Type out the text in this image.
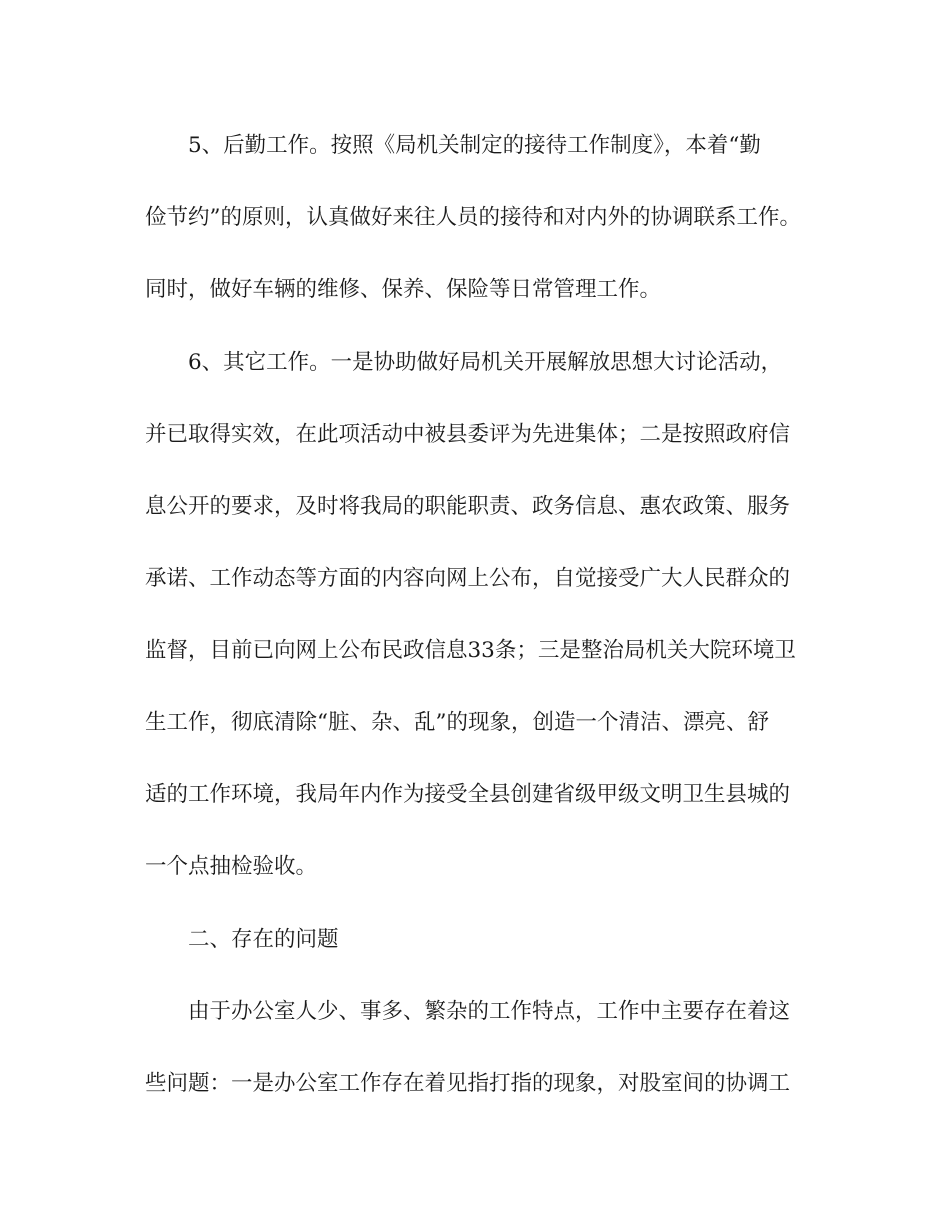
5、后勤工作。按照《局机关制定的接待工作制度》，本着“勤
俭节约”的原则，认真做好来往人员的接待和对内外的协调联系工作。
同时，做好车辆的维修、保养、保险等日常管理工作。
6、其它工作。一是协助做好局机关开展解放思想大讨论活动，
并已取得实效，在此项活动中被县委评为先进集体；二是按照政府信
息公开的要求，及时将我局的职能职责、政务信息、惠农政策、服务
承诺、工作动态等方面的内容向网上公布，自觉接受广大人民群众的
监督，目前已向网上公布民政信息33条；三是整治局机关大院环境卫
生工作，彻底清除“脏、杂、乱”的现象，创造一个清洁、漂亮、舒
适的工作环境，我局年内作为接受全县创建省级甲级文明卫生县城的
一个点抽检验收。
二、存在的问题
由于办公室人少、事多、繁杂的工作特点，工作中主要存在着这
些问题：一是办公室工作存在着见指打指的现象，对股室间的协调工
